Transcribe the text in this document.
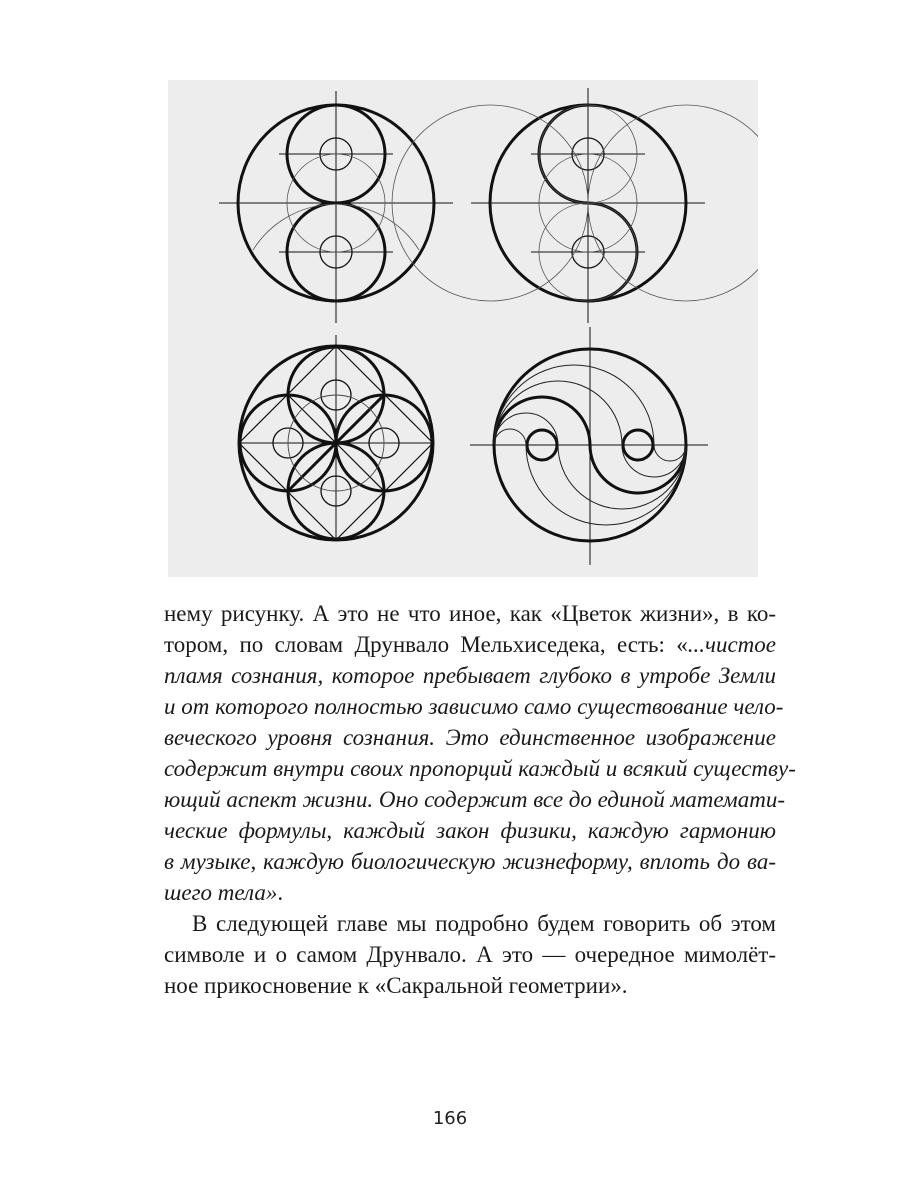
нему рисунку. А это не что иное, как «Цветок жизни», в ко-
тором, по словам Друнвало Мельхиседека, есть: «...чистое
пламя сознания, которое пребывает глубоко в утробе Земли
и от которого полностью зависимо само существование чело-
веческого уровня сознания. Это единственное изображение
содержит внутри своих пропорций каждый и всякий существу-
ющий аспект жизни. Оно содержит все до единой математи-
ческие формулы, каждый закон физики, каждую гармонию
в музыке, каждую биологическую жизнеформу, вплоть до ва-
шего тела».
В следующей главе мы подробно будем говорить об этом
символе и о самом Друнвало. А это — очередное мимолёт-
ное прикосновение к «Сакральной геометрии».
166
